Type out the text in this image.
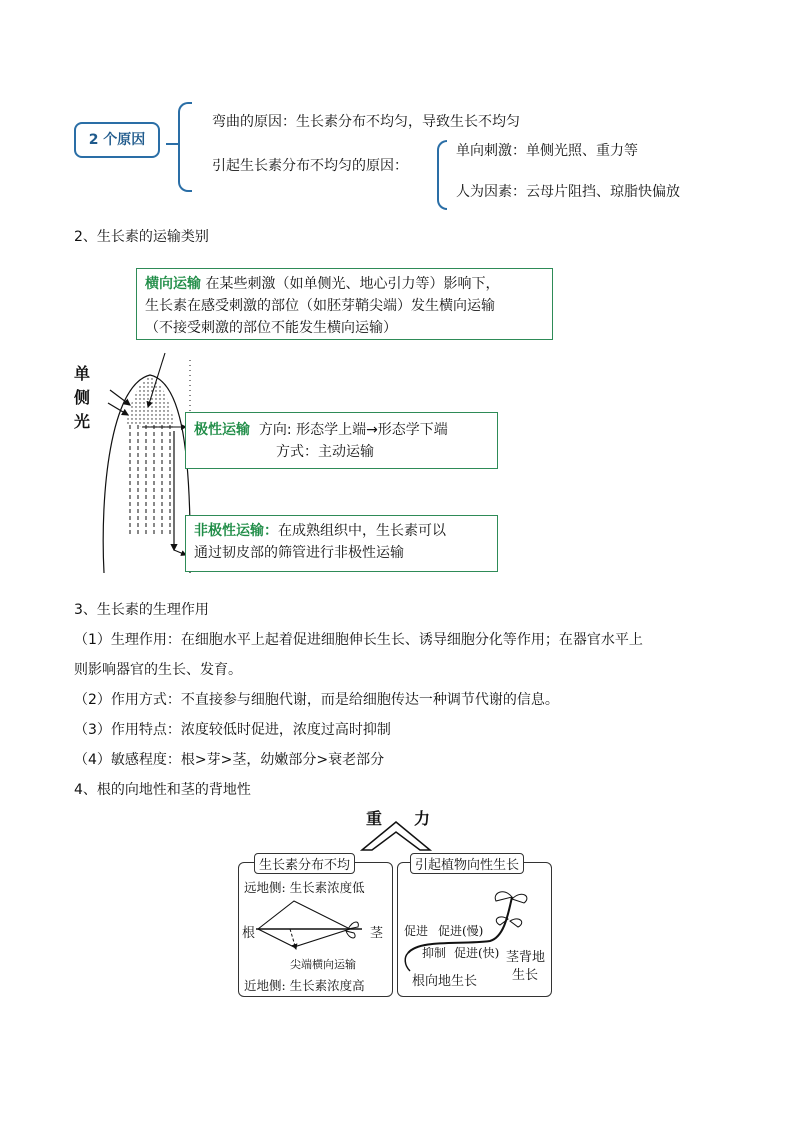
2 个原因
弯曲的原因：生长素分布不均匀，导致生长不均匀
引起生长素分布不均匀的原因：
单向刺激：单侧光照、重力等
人为因素：云母片阻挡、琼脂快偏放
2、生长素的运输类别
横向运输 在某些刺激（如单侧光、地心引力等）影响下，
生长素在感受刺激的部位（如胚芽鞘尖端）发生横向运输
（不接受刺激的部位不能发生横向运输）
单
侧
光	极性运输 方向: 形态学上端→形态学下端
方式：主动运输
非极性运输：在成熟组织中，生长素可以
通过韧皮部的筛管进行非极性运输
3、生长素的生理作用
（1）生理作用：在细胞水平上起着促进细胞伸长生长、诱导细胞分化等作用；在器官水平上
则影响器官的生长、发育。
（2）作用方式：不直接参与细胞代谢，而是给细胞传达一种调节代谢的信息。
（3）作用特点：浓度较低时促进，浓度过高时抑制
（4）敏感程度：根>芽>茎，幼嫩部分>衰老部分
4、根的向地性和茎的背地性
重 力
生长素分布不均
远地侧: 生长素浓度低
根	茎
尖端横向运输
近地侧: 生长素浓度高
引起植物向性生长
促进 促进(慢)
抑制 促进(快) 茎背地
生长
根向地生长
